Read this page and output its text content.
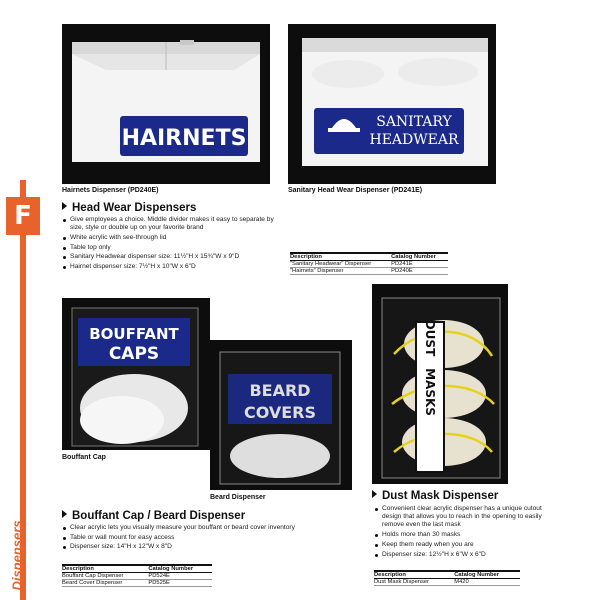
F
Dispensers
HAIRNETS
Hairnets Dispenser (PD240E)
SANITARY
HEADWEAR
Sanitary Head Wear Dispenser (PD241E)
Head Wear Dispensers
Give employees a choice. Middle divider makes it easy to separate by size, style or double up on your favorite brand
White acrylic with see-through lid
Table top only
Sanitary Headwear dispenser size: 11½"H x 15¾"W x 9"D
Hairnet dispenser size: 7½"H x 10"W x 6"D
Description	Catalog Number
"Sanitary Headwear" Dispenser	PD241E
"Hairnets" Dispenser	PD240E
BOUFFANT
CAPS
Bouffant Cap
BEARD
COVERS
Beard Dispenser
DUST
MASKS
Bouffant Cap / Beard Dispenser
Clear acrylic lets you visually measure your bouffant or beard cover inventory
Table or wall mount for easy access
Dispenser size: 14"H x 12"W x 8"D
Description	Catalog Number
Bouffant Cap Dispenser	PD524E
Beard Cover Dispenser	PD525E
Dust Mask Dispenser
Convenient clear acrylic dispenser has a unique cutout design that allows you to reach in the opening to easily remove even the last mask
Holds more than 30 masks
Keep them ready when you are
Dispenser size: 12½"H x 6"W x 6"D
Description	Catalog Number
Dust Mask Dispenser	M420
